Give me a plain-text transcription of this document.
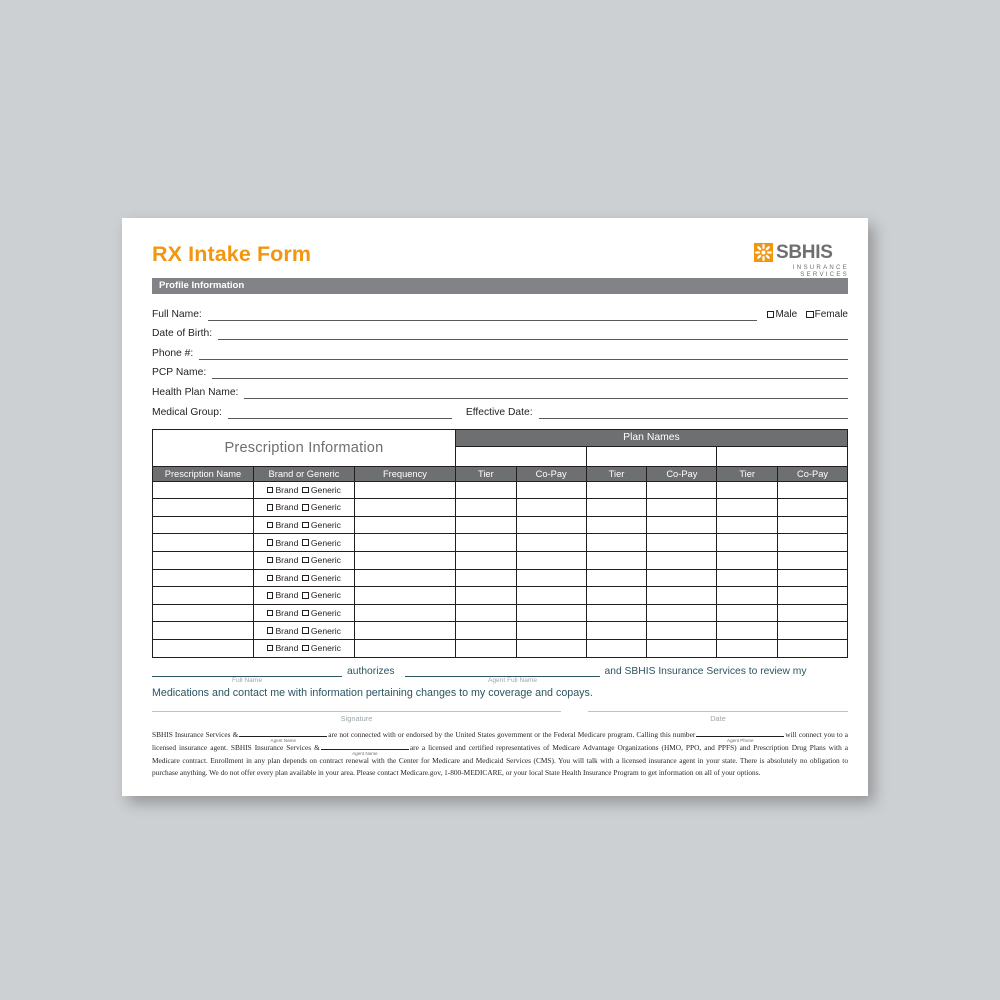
RX Intake Form	SBHIS
INSURANCE SERVICES
Profile Information
Full Name:	Male Female
Date of Birth:
Phone #:
PCP Name:
Health Plan Name:
Medical Group:	Effective Date:
Prescription Information			Plan Names					

Prescription Name	Brand or Generic	Frequency	Tier	Co-Pay	Tier	Co-Pay	Tier	Co-Pay

	Brand Generic							

	Brand Generic							

	Brand Generic							

	Brand Generic							

	Brand Generic							

	Brand Generic							

	Brand Generic							

	Brand Generic							

	Brand Generic							

	Brand Generic							

authorizes	and SBHIS Insurance Services to review my
Full Name	Agent Full Name
Medications and contact me with information pertaining changes to my coverage and copays.
Signature	Date

SBHIS Insurance Services &
Agent Name
are not connected with or endorsed by the United States government or the Federal Medicare program. Calling this number
Agent Phone
will connect you to a licensed insurance agent. SBHIS Insurance Services &
Agent Name
are a licensed and certified representatives of Medicare Advantage Organizations (HMO, PPO, and PPFS) and Prescription Drug Plans with a Medicare contract. Enrollment in any plan depends on contract renewal with the Center for Medicare and Medicaid Services (CMS). You will talk with a licensed insurance agent in your state. There is absolutely no obligation to purchase anything. We do not offer every plan available in your area. Please contact Medicare.gov, 1-800-MEDICARE, or your local State Health Insurance Program to get information on all of your options.
